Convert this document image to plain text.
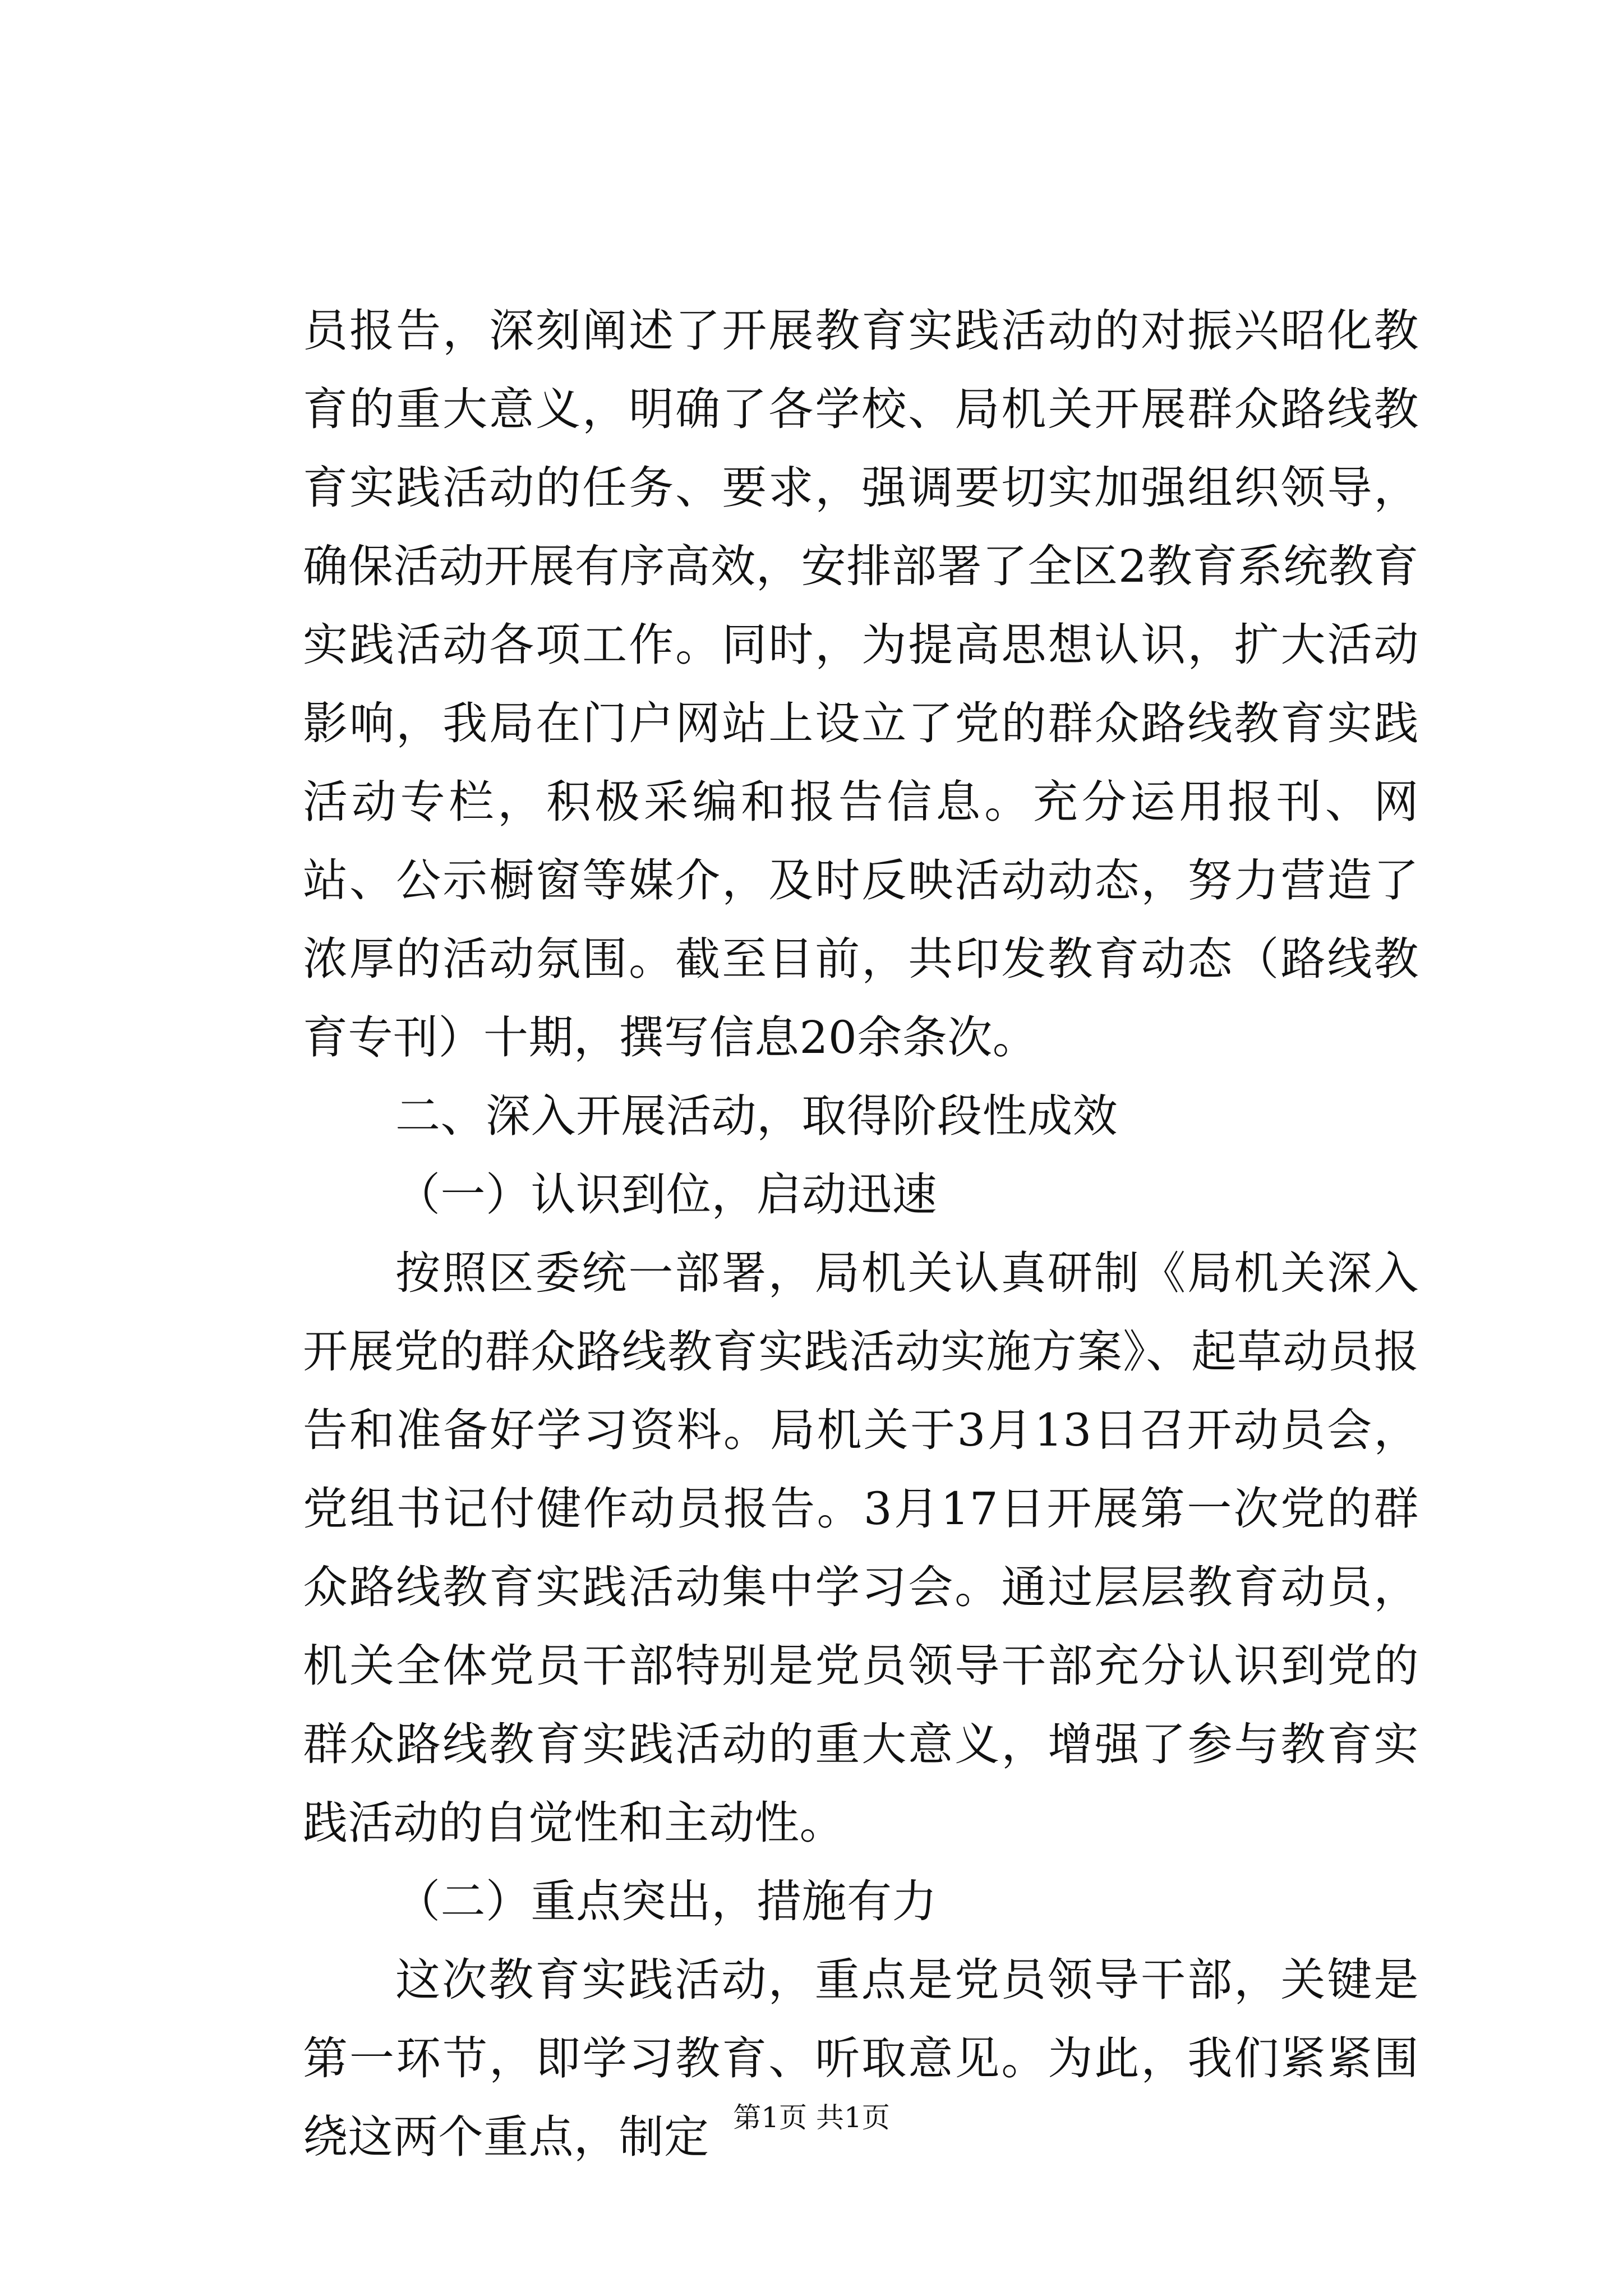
员报告，深刻阐述了开展教育实践活动的对振兴昭化教育的重大意义，明确了各学校、局机关开展群众路线教育实践活动的任务、要求，强调要切实加强组织领导，确保活动开展有序高效，安排部署了全区2教育系统教育实践活动各项工作。同时，为提高思想认识，扩大活动影响，我局在门户网站上设立了党的群众路线教育实践活动专栏，积极采编和报告信息。充分运用报刊、网站、公示橱窗等媒介，及时反映活动动态，努力营造了浓厚的活动氛围。截至目前，共印发教育动态（路线教育专刊）十期，撰写信息20余条次。

二、深入开展活动，取得阶段性成效

（一）认识到位，启动迅速

按照区委统一部署，局机关认真研制《局机关深入开展党的群众路线教育实践活动实施方案》、起草动员报告和准备好学习资料。局机关于3月13日召开动员会，党组书记付健作动员报告。3月17日开展第一次党的群众路线教育实践活动集中学习会。通过层层教育动员，机关全体党员干部特别是党员领导干部充分认识到党的群众路线教育实践活动的重大意义，增强了参与教育实践活动的自觉性和主动性。

（二）重点突出，措施有力

这次教育实践活动，重点是党员领导干部，关键是第一环节，即学习教育、听取意见。为此，我们紧紧围绕这两个重点，制定 第1页 共1页
